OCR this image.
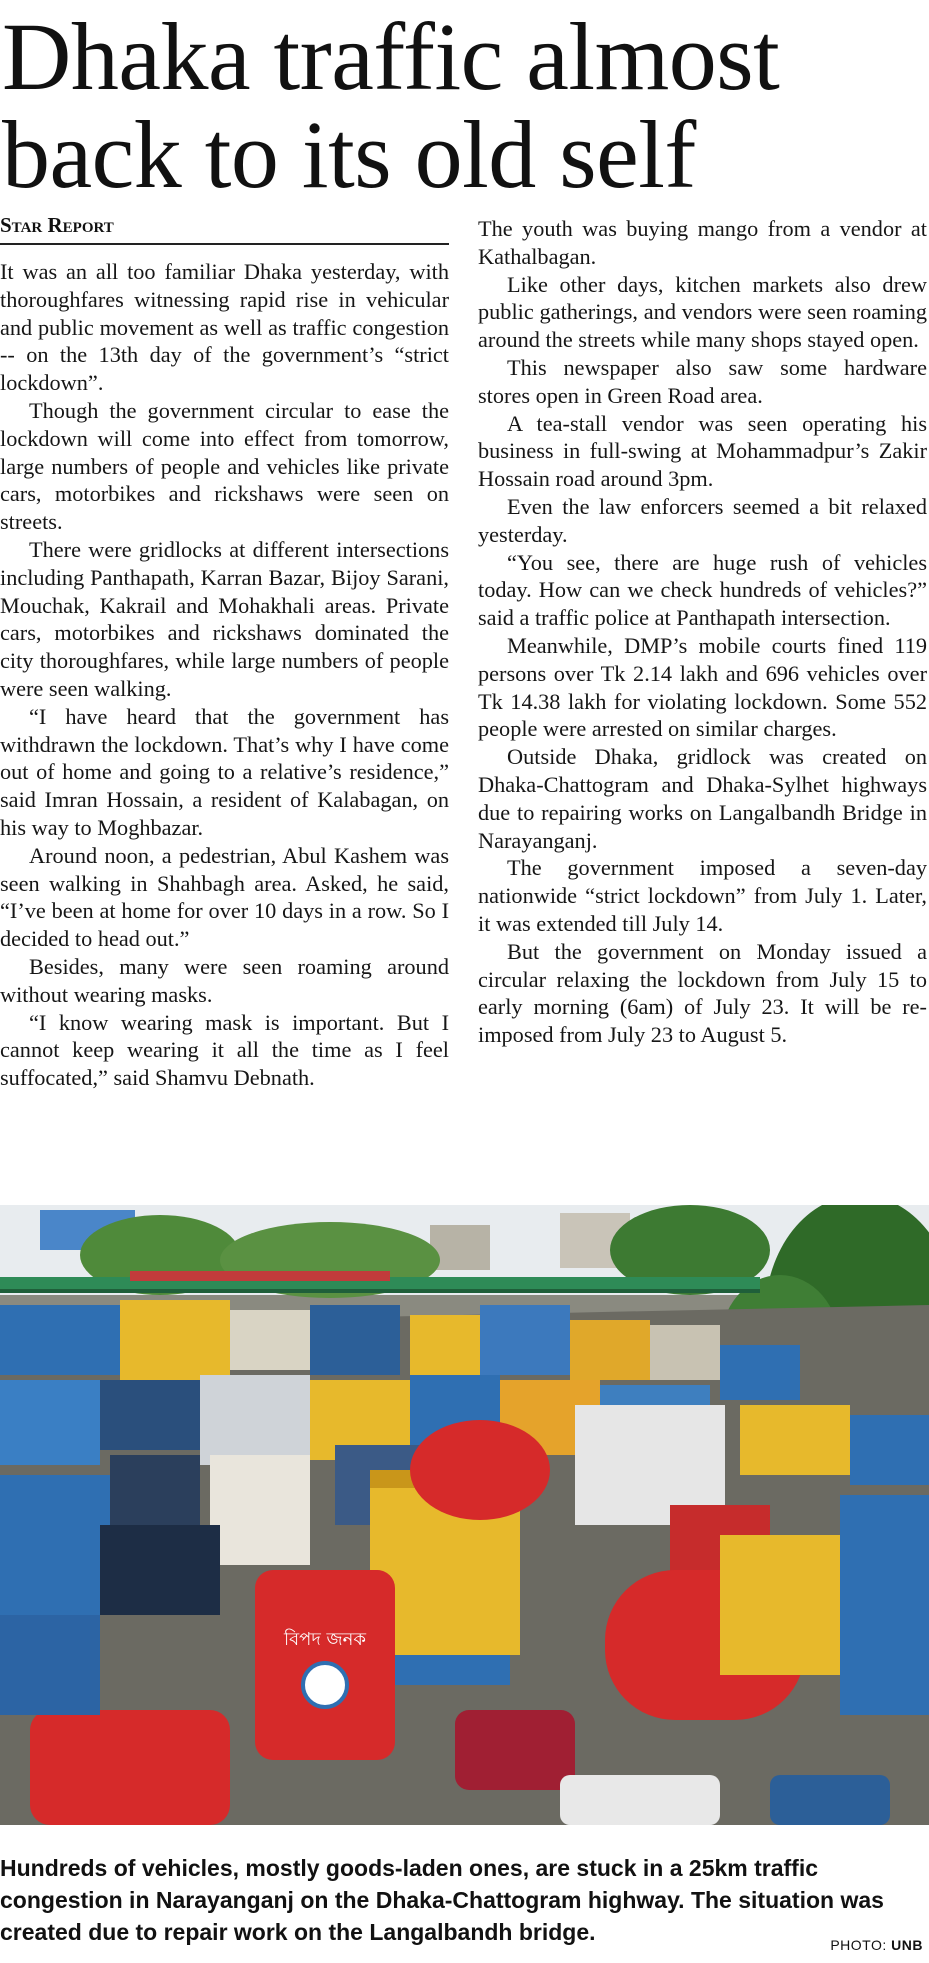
Dhaka traffic almost
back to its old self
Star Report

It was an all too familiar Dhaka yesterday, with thoroughfares witnessing rapid rise in vehicular and public movement as well as traffic congestion -- on the 13th day of the government’s “strict lockdown”.

Though the government circular to ease the lockdown will come into effect from tomorrow, large numbers of people and vehicles like private cars, motorbikes and rickshaws were seen on streets.

There were gridlocks at different intersections including Panthapath, Karran Bazar, Bijoy Sarani, Mouchak, Kakrail and Mohakhali areas. Private cars, motorbikes and rickshaws dominated the city thoroughfares, while large numbers of people were seen walking.

“I have heard that the government has withdrawn the lockdown. That’s why I have come out of home and going to a relative’s residence,” said Imran Hossain, a resident of Kalabagan, on his way to Moghbazar.

Around noon, a pedestrian, Abul Kashem was seen walking in Shahbagh area. Asked, he said, “I’ve been at home for over 10 days in a row. So I decided to head out.”

Besides, many were seen roaming around without wearing masks.

“I know wearing mask is important. But I cannot keep wearing it all the time as I feel suffocated,” said Shamvu Debnath.

The youth was buying mango from a vendor at Kathalbagan.

Like other days, kitchen markets also drew public gatherings, and vendors were seen roaming around the streets while many shops stayed open.

This newspaper also saw some hardware stores open in Green Road area.

A tea-stall vendor was seen operating his business in full-swing at Mohammadpur’s Zakir Hossain road around 3pm.

Even the law enforcers seemed a bit relaxed yesterday.

“You see, there are huge rush of vehicles today. How can we check hundreds of vehicles?” said a traffic police at Panthapath intersection.

Meanwhile, DMP’s mobile courts fined 119 persons over Tk 2.14 lakh and 696 vehicles over Tk 14.38 lakh for violating lockdown. Some 552 people were arrested on similar charges.

Outside Dhaka, gridlock was created on Dhaka-Chattogram and Dhaka-Sylhet highways due to repairing works on Langalbandh Bridge in Narayanganj.

The government imposed a seven-day nationwide “strict lockdown” from July 1. Later, it was extended till July 14.

But the government on Monday issued a circular relaxing the lockdown from July 15 to early morning (6am) of July 23. It will be re-imposed from July 23 to August 5.

বিপদ জনক

Hundreds of vehicles, mostly goods-laden ones, are stuck in a 25km traffic congestion in Narayanganj on the Dhaka-Chattogram highway. The situation was created due to repair work on the Langalbandh bridge.	PHOTO: UNB
